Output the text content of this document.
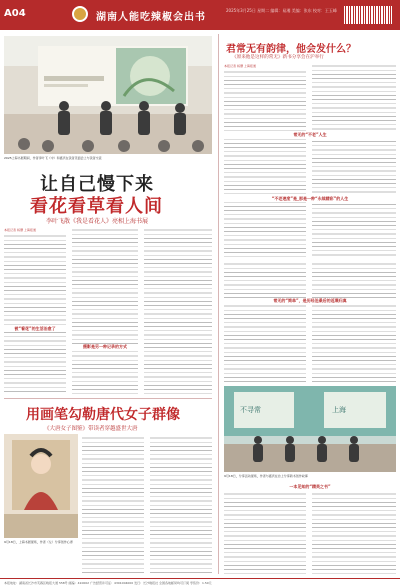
A04	湖南人能吃辣椒会出书
2025年3月25日 星期二 编辑：易湘 美编：张东 校对：王玉峰
2025上海书展期间，作者李叶飞（中）和嘉宾在读者见面会上与读者交流
让自己慢下来
看花看草看人间
李叶飞散《我是看花人》亮相上海书展
本报记者 杨珊 上海报道
被“看花”的生活治愈了
摄影是另一种记录的方式
用画笔勾勒唐代女子群像
《大唐女子图鉴》带读者穿越盛世大唐
9月18日，上海书展现场，作者（左）分享创作心得
君常无有韵律，他会发什么？
《原来他是这样的常无》新书分享会在沪举行
本报记者 杨珊 上海报道
常无的“不老”人生
“不老速度”是_那是一种“永续精彩”的人生
常无的“简单”，是历经沧桑后的返璞归真
不寻常	上海
9月18日，分享活动现场，作者与嘉宾在台上分享新书创作故事
一本见知的“精英之书”
本报地址：湖南省长沙市芙蓉区晚报大道 558号 邮编：410002 广告经营许可证：4301004000 发行：长沙晚报社 全国各地邮局均可订阅 零售价：1.50元
